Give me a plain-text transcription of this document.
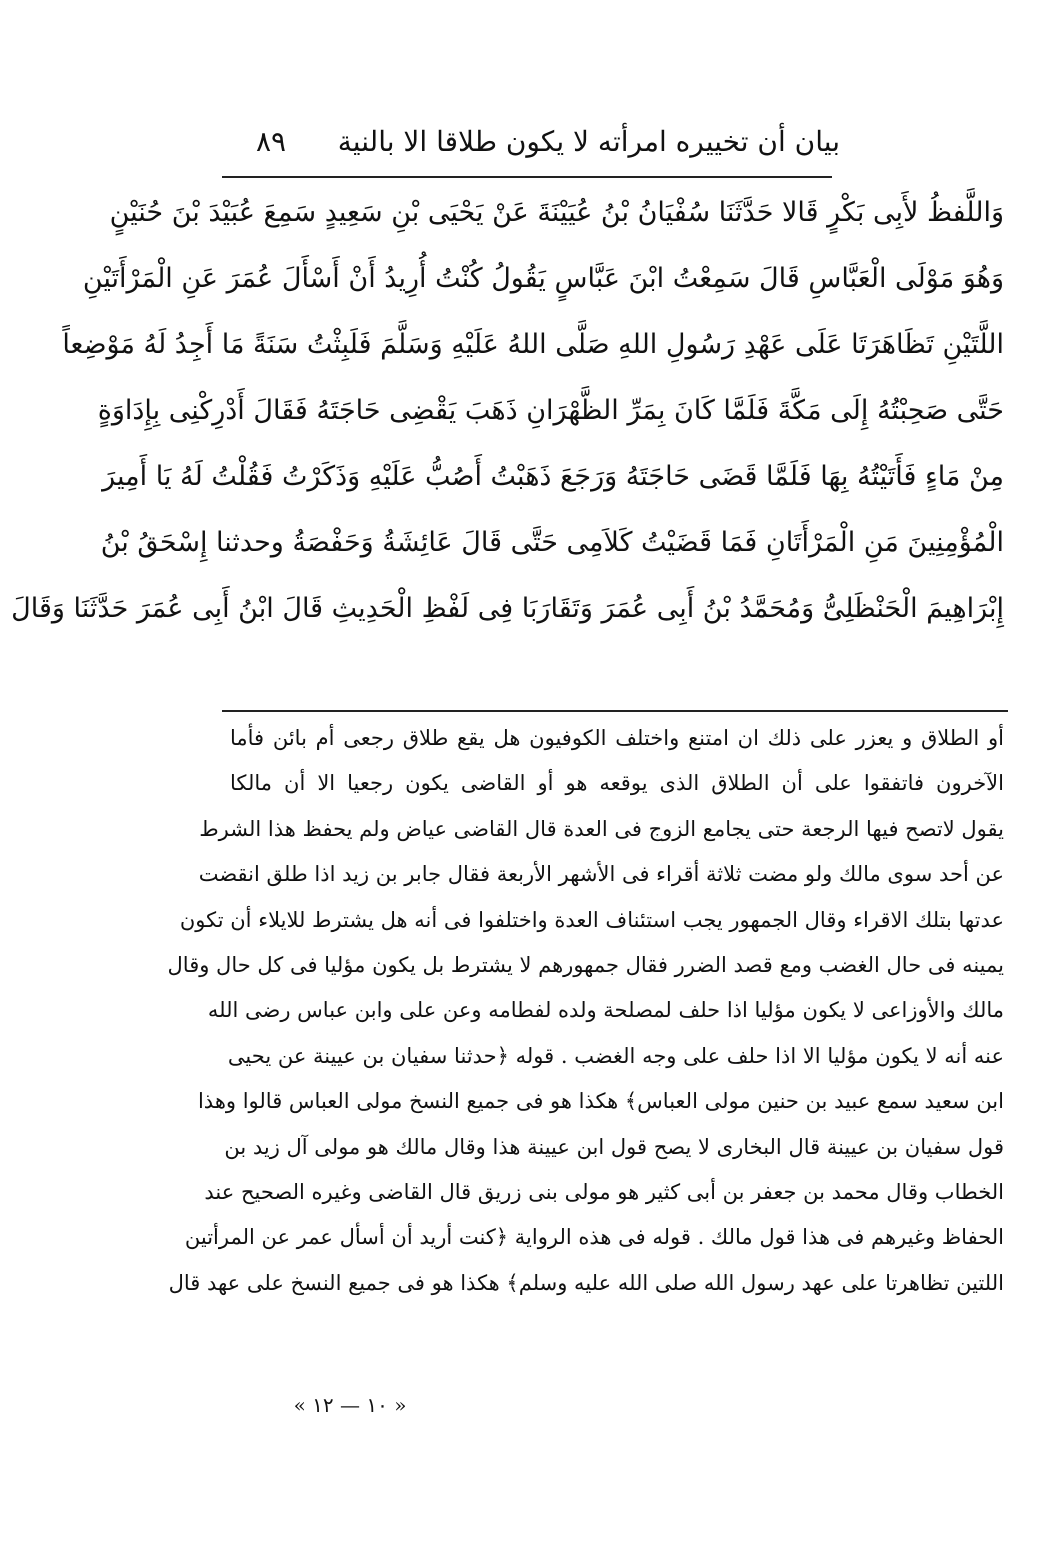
بيان أن تخييره امرأته لا يكون طلاقا الا بالنية
٨٩
وَاللَّفظُ لأَبِى بَكْرٍ قَالا حَدَّثَنَا سُفْيَانُ بْنُ عُيَيْنَةَ عَنْ يَحْيَى بْنِ سَعِيدٍ سَمِعَ عُبَيْدَ بْنَ حُنَيْنٍ
وَهُوَ مَوْلَى الْعَبَّاسِ قَالَ سَمِعْتُ ابْنَ عَبَّاسٍ يَقُولُ كُنْتُ أُرِيدُ أَنْ أَسْأَلَ عُمَرَ عَنِ الْمَرْأَتَيْنِ
اللَّتَيْنِ تَظَاهَرَتَا عَلَى عَهْدِ رَسُولِ اللهِ صَلَّى اللهُ عَلَيْهِ وَسَلَّمَ فَلَبِثْتُ سَنَةً مَا أَجِدُ لَهُ مَوْضِعاً
حَتَّى صَحِبْتُهُ إِلَى مَكَّةَ فَلَمَّا كَانَ بِمَرِّ الظَّهْرَانِ ذَهَبَ يَقْضِى حَاجَتَهُ فَقَالَ أَدْرِكْنِى بِإِدَاوَةٍ
مِنْ مَاءٍ فَأَتَيْتُهُ بِهَا فَلَمَّا قَضَى حَاجَتَهُ وَرَجَعَ ذَهَبْتُ أَصُبُّ عَلَيْهِ وَذَكَرْتُ فَقُلْتُ لَهُ يَا أَمِيرَ
الْمُؤْمِنِينَ مَنِ الْمَرْأَتَانِ فَمَا قَضَيْتُ كَلاَمِى حَتَّى قَالَ عَائِشَةُ وَحَفْصَةُ وحدثنا إِسْحَقُ بْنُ
إِبْرَاهِيمَ الْحَنْظَلِىُّ وَمُحَمَّدُ بْنُ أَبِى عُمَرَ وَتَقَارَبَا فِى لَفْظِ الْحَدِيثِ قَالَ ابْنُ أَبِى عُمَرَ حَدَّثَنَا وَقَالَ
أو الطلاق و يعزر على ذلك ان امتنع واختلف الكوفيون هل يقع طلاق رجعى أم بائن فأما
الآخرون فاتفقوا على أن الطلاق الذى يوقعه هو أو القاضى يكون رجعيا الا أن مالكا
يقول لاتصح فيها الرجعة حتى يجامع الزوج فى العدة قال القاضى عياض ولم يحفظ هذا الشرط
عن أحد سوى مالك ولو مضت ثلاثة أقراء فى الأشهر الأربعة فقال جابر بن زيد اذا طلق انقضت
عدتها بتلك الاقراء وقال الجمهور يجب استئناف العدة واختلفوا فى أنه هل يشترط للايلاء أن تكون
يمينه فى حال الغضب ومع قصد الضرر فقال جمهورهم لا يشترط بل يكون مؤليا فى كل حال وقال
مالك والأوزاعى لا يكون مؤليا اذا حلف لمصلحة ولده لفطامه وعن على وابن عباس رضى الله
عنه أنه لا يكون مؤليا الا اذا حلف على وجه الغضب . قوله ﴿حدثنا سفيان بن عيينة عن يحيى
ابن سعيد سمع عبيد بن حنين مولى العباس﴾ هكذا هو فى جميع النسخ مولى العباس قالوا وهذا
قول سفيان بن عيينة قال البخارى لا يصح قول ابن عيينة هذا وقال مالك هو مولى آل زيد بن
الخطاب وقال محمد بن جعفر بن أبى كثير هو مولى بنى زريق قال القاضى وغيره الصحيح عند
الحفاظ وغيرهم فى هذا قول مالك . قوله فى هذه الرواية ﴿كنت أريد أن أسأل عمر عن المرأتين
اللتين تظاهرتا على عهد رسول الله صلى الله عليه وسلم﴾ هكذا هو فى جميع النسخ على عهد قال
« ١٠ — ١٢ »
